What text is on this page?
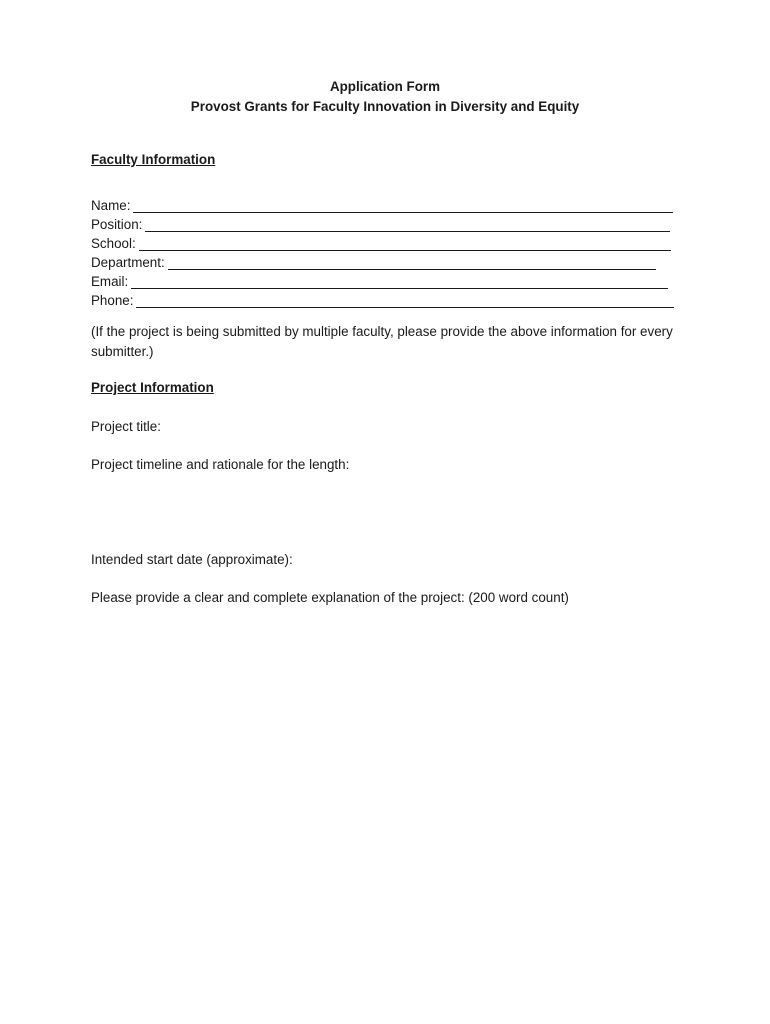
Application Form
Provost Grants for Faculty Innovation in Diversity and Equity
Faculty Information
Name:
Position:
School:
Department:
Email:
Phone:
(If the project is being submitted by multiple faculty, please provide the above information for every submitter.)
Project Information
Project title:
Project timeline and rationale for the length:
Intended start date (approximate):
Please provide a clear and complete explanation of the project: (200 word count)
